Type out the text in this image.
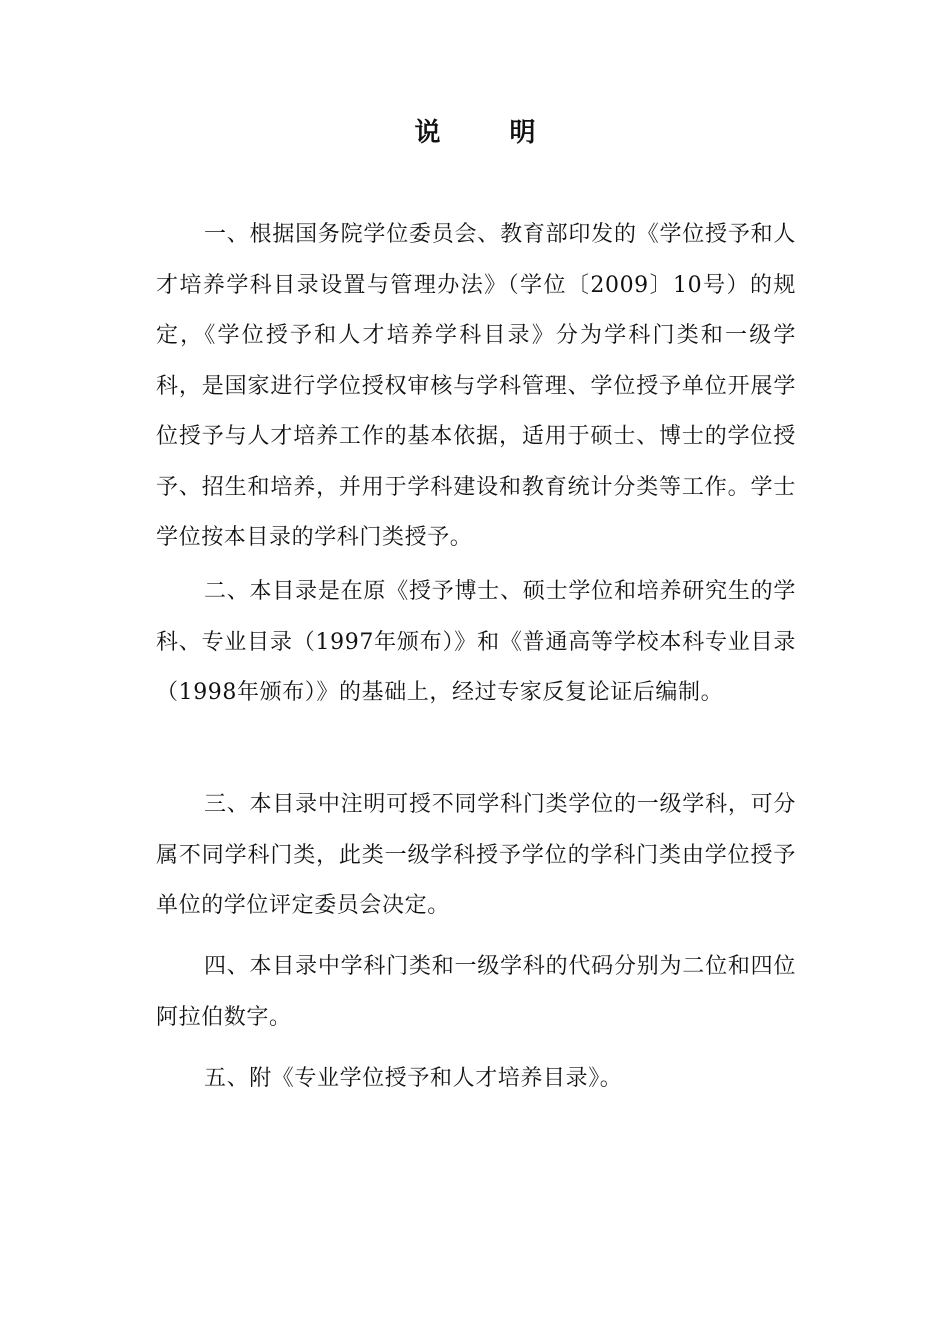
说 明

一、根据国务院学位委员会、教育部印发的《学位授予和人才培养学科目录设置与管理办法》（学位〔2009〕10号）的规定，《学位授予和人才培养学科目录》分为学科门类和一级学科，是国家进行学位授权审核与学科管理、学位授予单位开展学位授予与人才培养工作的基本依据，适用于硕士、博士的学位授予、招生和培养，并用于学科建设和教育统计分类等工作。学士学位按本目录的学科门类授予。

二、本目录是在原《授予博士、硕士学位和培养研究生的学科、专业目录（1997年颁布）》和《普通高等学校本科专业目录（1998年颁布）》的基础上，经过专家反复论证后编制。

三、本目录中注明可授不同学科门类学位的一级学科，可分属不同学科门类，此类一级学科授予学位的学科门类由学位授予单位的学位评定委员会决定。

四、本目录中学科门类和一级学科的代码分别为二位和四位阿拉伯数字。

五、附《专业学位授予和人才培养目录》。
